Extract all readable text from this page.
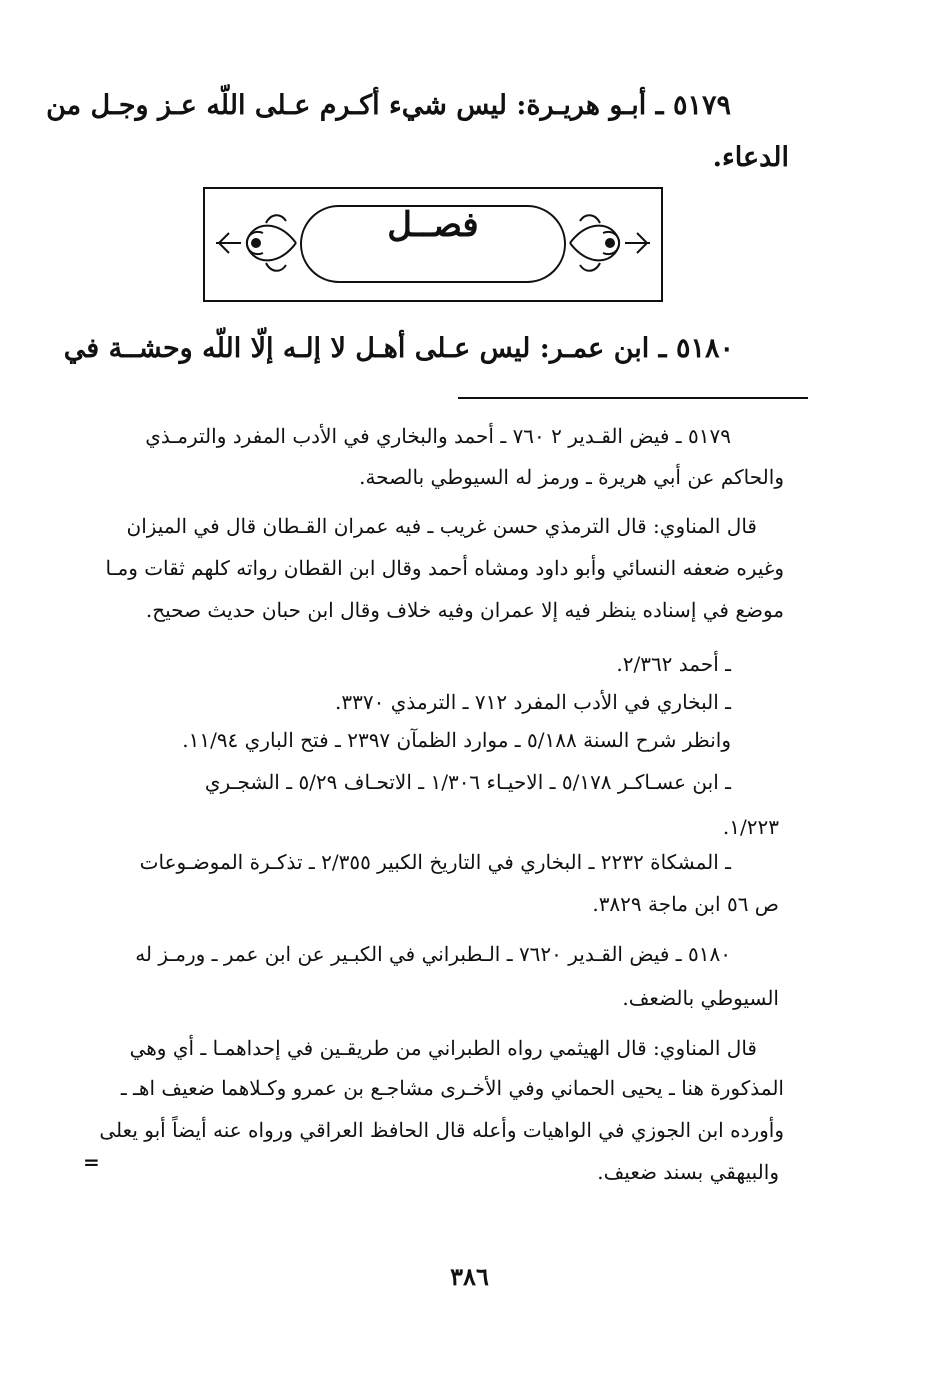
٥١٧٩ ـ أبـو هريـرة: ليس شيء أكـرم عـلى اللّه عـز وجـل من

الدعاء.

فصــل

٥١٨٠ ـ ابن عمـر: ليس عـلى أهـل لا إلـه إلّا اللّه وحشــة في

٥١٧٩ ـ فيض القـدير ٢ ٧٦٠ ـ أحمد والبخاري في الأدب المفرد والترمـذي

والحاكم عن أبي هريرة ـ ورمز له السيوطي بالصحة.

قال المناوي: قال الترمذي حسن غريب ـ فيه عمران القـطان قال في الميزان

وغيره ضعفه النسائي وأبو داود ومشاه أحمد وقال ابن القطان رواته كلهم ثقات ومـا

موضع في إسناده ينظر فيه إلا عمران وفيه خلاف وقال ابن حبان حديث صحيح.

ـ أحمد ٢/٣٦٢.

ـ البخاري في الأدب المفرد ٧١٢ ـ الترمذي ٣٣٧٠.

وانظر شرح السنة ٥/١٨٨ ـ موارد الظمآن ٢٣٩٧ ـ فتح الباري ١١/٩٤.

ـ ابن عسـاكـر ٥/١٧٨ ـ الاحيـاء ١/٣٠٦ ـ الاتحـاف ٥/٢٩ ـ الشجـري

١/٢٢٣.

ـ المشكاة ٢٢٣٢ ـ البخاري في التاريخ الكبير ٢/٣٥٥ ـ تذكـرة الموضـوعات

ص ٥٦ ابن ماجة ٣٨٢٩.

٥١٨٠ ـ فيض القـدير ٧٦٢٠ ـ الـطبراني في الكبـير عن ابن عمر ـ ورمـز له

السيوطي بالضعف.

قال المناوي: قال الهيثمي رواه الطبراني من طريقـين في إحداهمـا ـ أي وهي

المذكورة هنا ـ يحيى الحماني وفي الأخـرى مشاجـع بن عمرو وكـلاهما ضعيف اهـ ـ

وأورده ابن الجوزي في الواهيات وأعله قال الحافظ العراقي ورواه عنه أيضاً أبو يعلى

والبيهقي بسند ضعيف.

=
٣٨٦
